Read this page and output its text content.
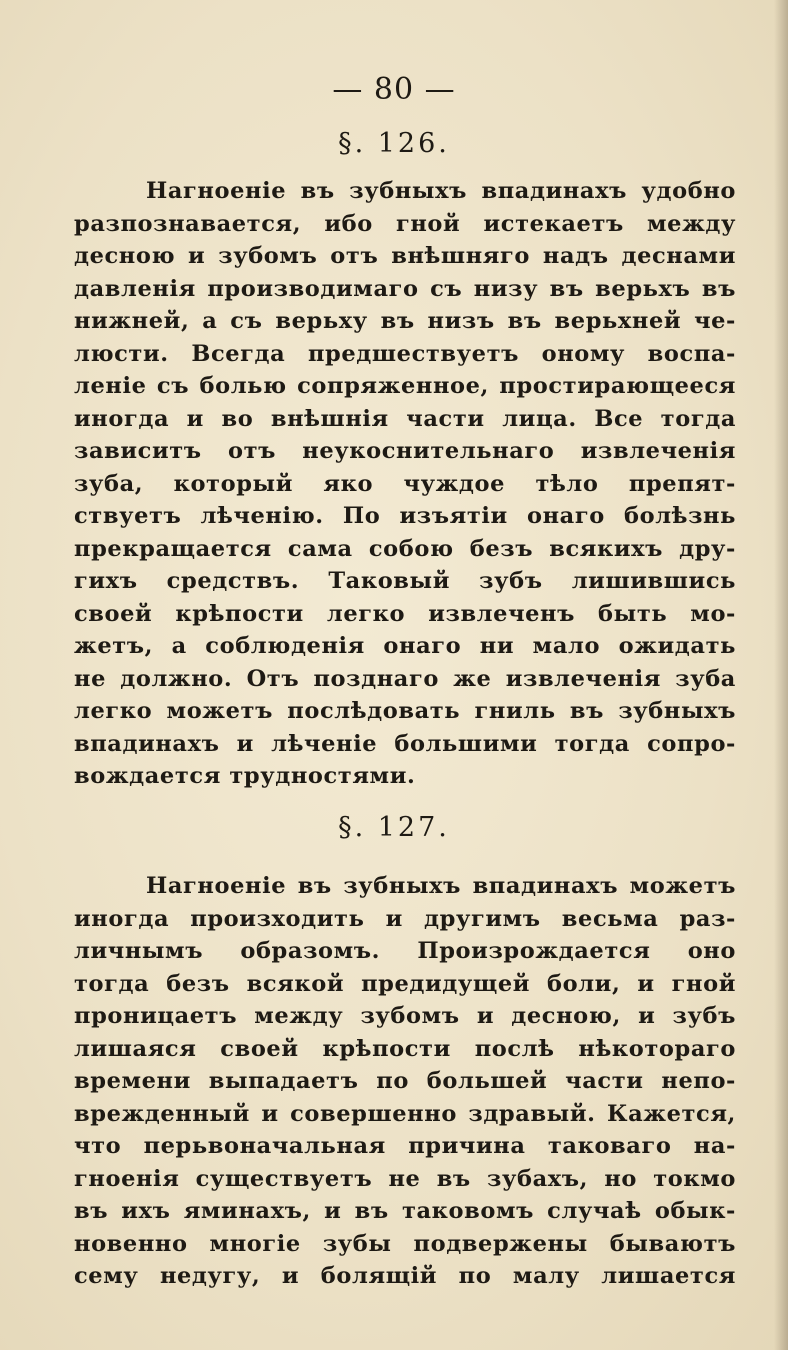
— 80 —
§. 126.
Нагноеніе въ зубныхъ впадинахъ удобно
разпознавается, ибо гной истекаетъ между
десною и зубомъ отъ внѣшняго надъ деснами
давленія производимаго съ низу въ верьхъ въ
нижней, а съ верьху въ низъ въ верьхней че-
люсти. Всегда предшествуетъ оному воспа-
леніе съ болью сопряженное, простирающееся
иногда и во внѣшнія части лица. Все тогда
зависитъ отъ неукоснительнаго извлеченія
зуба, который яко чуждое тѣло препят-
ствуетъ лѣченію. По изъятіи онаго болѣзнь
прекращается сама собою безъ всякихъ дру-
гихъ средствъ. Таковый зубъ лишившись
своей крѣпости легко извлеченъ быть мо-
жетъ, а соблюденія онаго ни мало ожидать
не должно. Отъ позднаго же извлеченія зуба
легко можетъ послѣдовать гниль въ зубныхъ
впадинахъ и лѣченіе большими тогда сопро-
вождается трудностями.
§. 127.
Нагноеніе въ зубныхъ впадинахъ можетъ
иногда произходить и другимъ весьма раз-
личнымъ образомъ. Произрождается оно
тогда безъ всякой предидущей боли, и гной
проницаетъ между зубомъ и десною, и зубъ
лишаяся своей крѣпости послѣ нѣкотораго
времени выпадаетъ по большей части непо-
врежденный и совершенно здравый. Кажется,
что перьвоначальная причина таковаго на-
гноенія существуетъ не въ зубахъ, но токмо
въ ихъ яминахъ, и въ таковомъ случаѣ обык-
новенно многіе зубы подвержены бываютъ
сему недугу, и болящій по малу лишается
